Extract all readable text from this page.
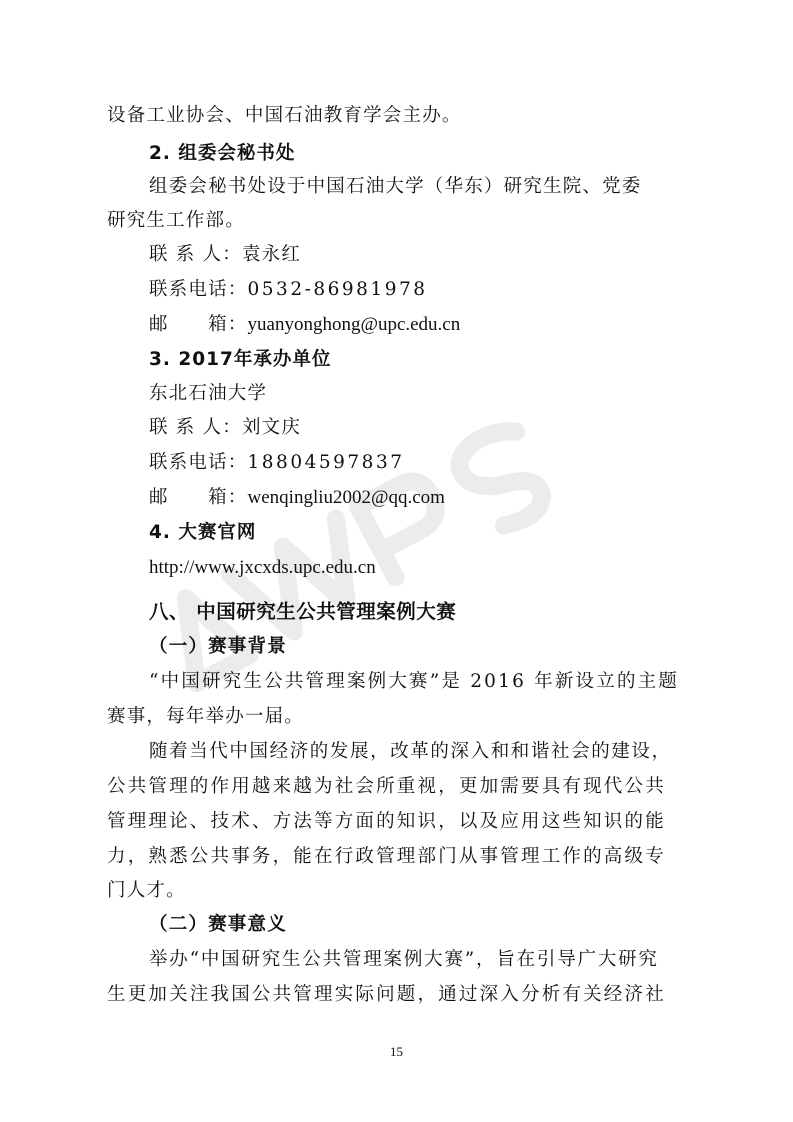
设备工业协会、中国石油教育学会主办。
2. 组委会秘书处
组委会秘书处设于中国石油大学（华东）研究生院、党委
研究生工作部。
联 系 人：袁永红
联系电话：0532-86981978
邮　　箱：yuanyonghong@upc.edu.cn
3. 2017年承办单位
东北石油大学
联 系 人：刘文庆
联系电话：18804597837
邮　　箱：wenqingliu2002@qq.com
4. 大赛官网
http://www.jxcxds.upc.edu.cn
八、 中国研究生公共管理案例大赛
（一）赛事背景
“中国研究生公共管理案例大赛”是 2016 年新设立的主题
赛事，每年举办一届。
随着当代中国经济的发展，改革的深入和和谐社会的建设，
公共管理的作用越来越为社会所重视，更加需要具有现代公共
管理理论、技术、方法等方面的知识，以及应用这些知识的能
力，熟悉公共事务，能在行政管理部门从事管理工作的高级专
门人才。
（二）赛事意义
举办“中国研究生公共管理案例大赛”，旨在引导广大研究
生更加关注我国公共管理实际问题，通过深入分析有关经济社
15
